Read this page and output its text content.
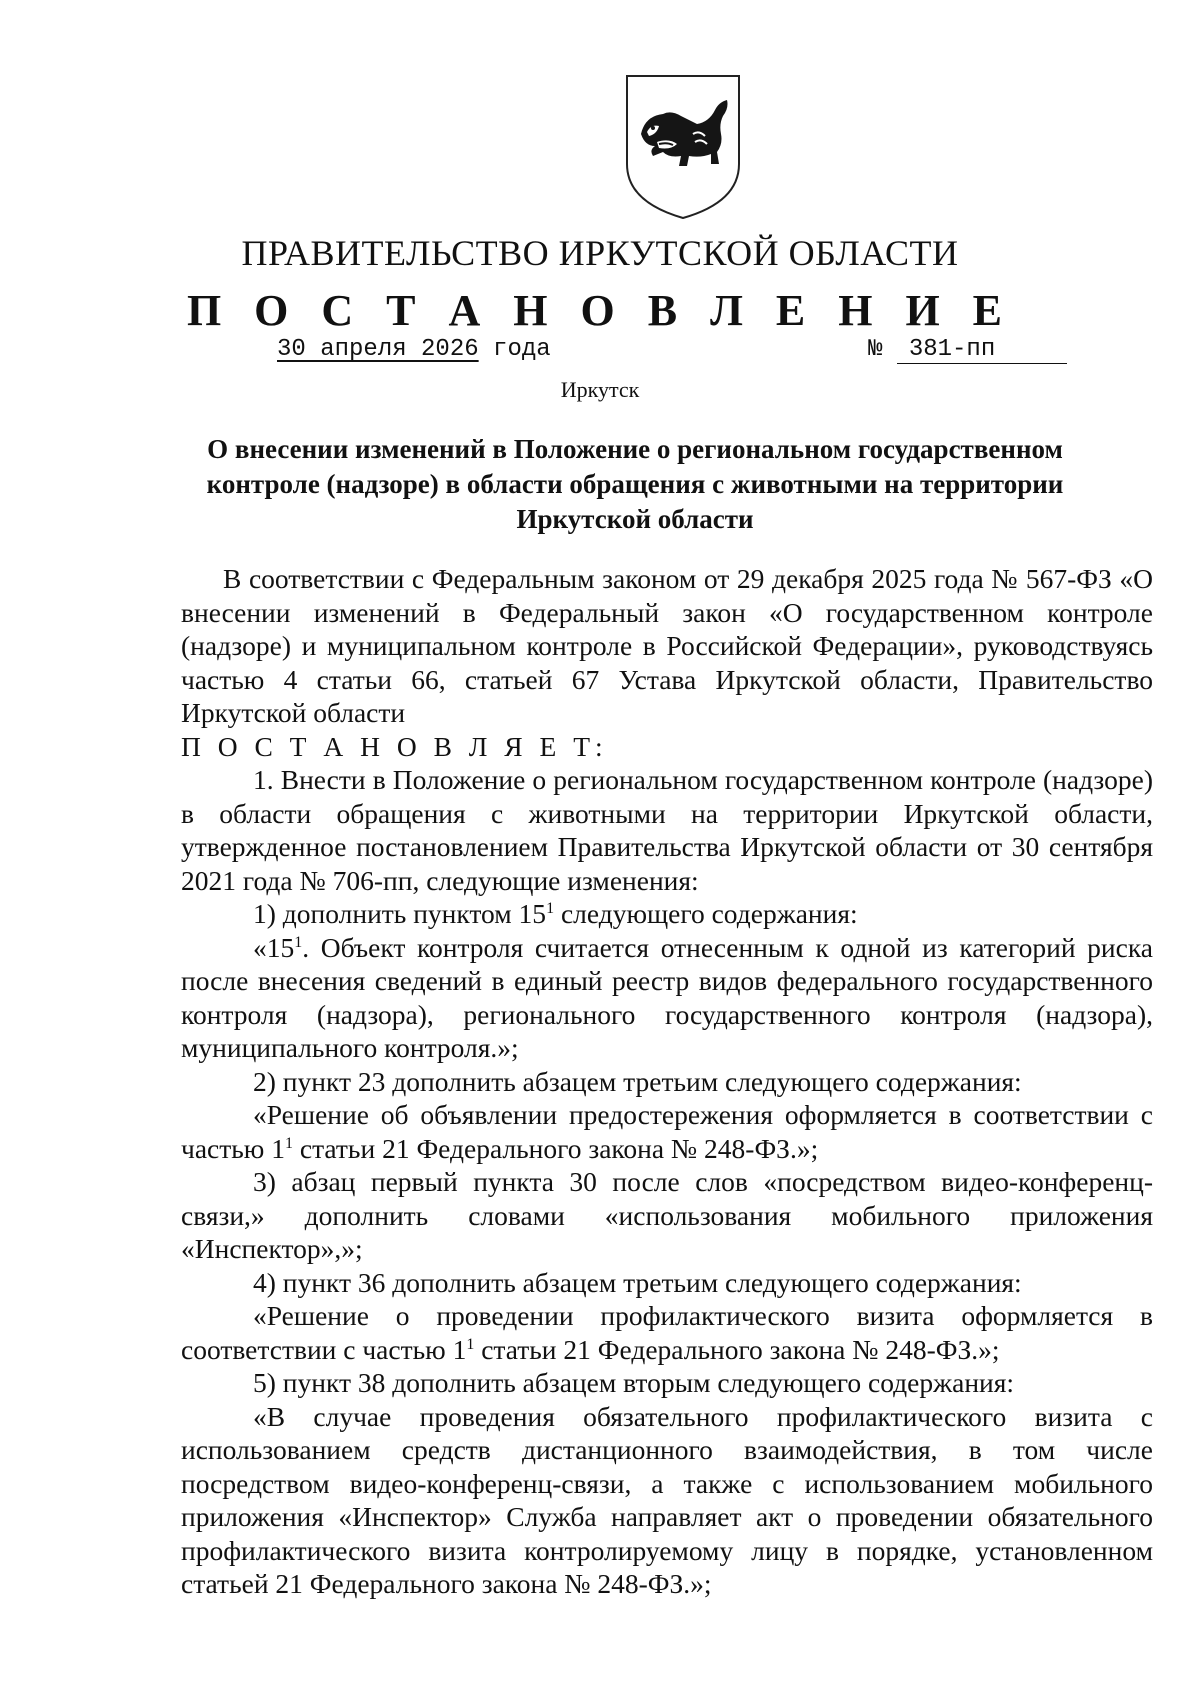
ПРАВИТЕЛЬСТВО ИРКУТСКОЙ ОБЛАСТИ
П О С Т А Н О В Л Е Н И Е
30 апреля 2026 года	№ 381-пп
Иркутск
О внесении изменений в Положение о региональном государственном контроле (надзоре) в области обращения с животными на территории Иркутской области

В соответствии с Федеральным законом от 29 декабря 2025 года № 567-ФЗ «О внесении изменений в Федеральный закон «О государственном контроле (надзоре) и муниципальном контроле в Российской Федерации», руководствуясь частью 4 статьи 66, статьей 67 Устава Иркутской области, Правительство Иркутской области

П О С Т А Н О В Л Я Е Т:

1. Внести в Положение о региональном государственном контроле (надзоре) в области обращения с животными на территории Иркутской области, утвержденное постановлением Правительства Иркутской области от 30 сентября 2021 года № 706-пп, следующие изменения:

1) дополнить пунктом $15^1$ следующего содержания:

«$15^1$. Объект контроля считается отнесенным к одной из категорий риска после внесения сведений в единый реестр видов федерального государственного контроля (надзора), регионального государственного контроля (надзора), муниципального контроля.»;

2) пункт 23 дополнить абзацем третьим следующего содержания:

«Решение об объявлении предостережения оформляется в соответствии с частью $1^1$ статьи 21 Федерального закона № 248-ФЗ.»;

3) абзац первый пункта 30 после слов «посредством видео-конференц-связи,» дополнить словами «использования мобильного приложения «Инспектор»,»;

4) пункт 36 дополнить абзацем третьим следующего содержания:

«Решение о проведении профилактического визита оформляется в соответствии с частью $1^1$ статьи 21 Федерального закона № 248-ФЗ.»;

5) пункт 38 дополнить абзацем вторым следующего содержания:

«В случае проведения обязательного профилактического визита с использованием средств дистанционного взаимодействия, в том числе посредством видео-конференц-связи, а также с использованием мобильного приложения «Инспектор» Служба направляет акт о проведении обязательного профилактического визита контролируемому лицу в порядке, установленном статьей 21 Федерального закона № 248-ФЗ.»;
